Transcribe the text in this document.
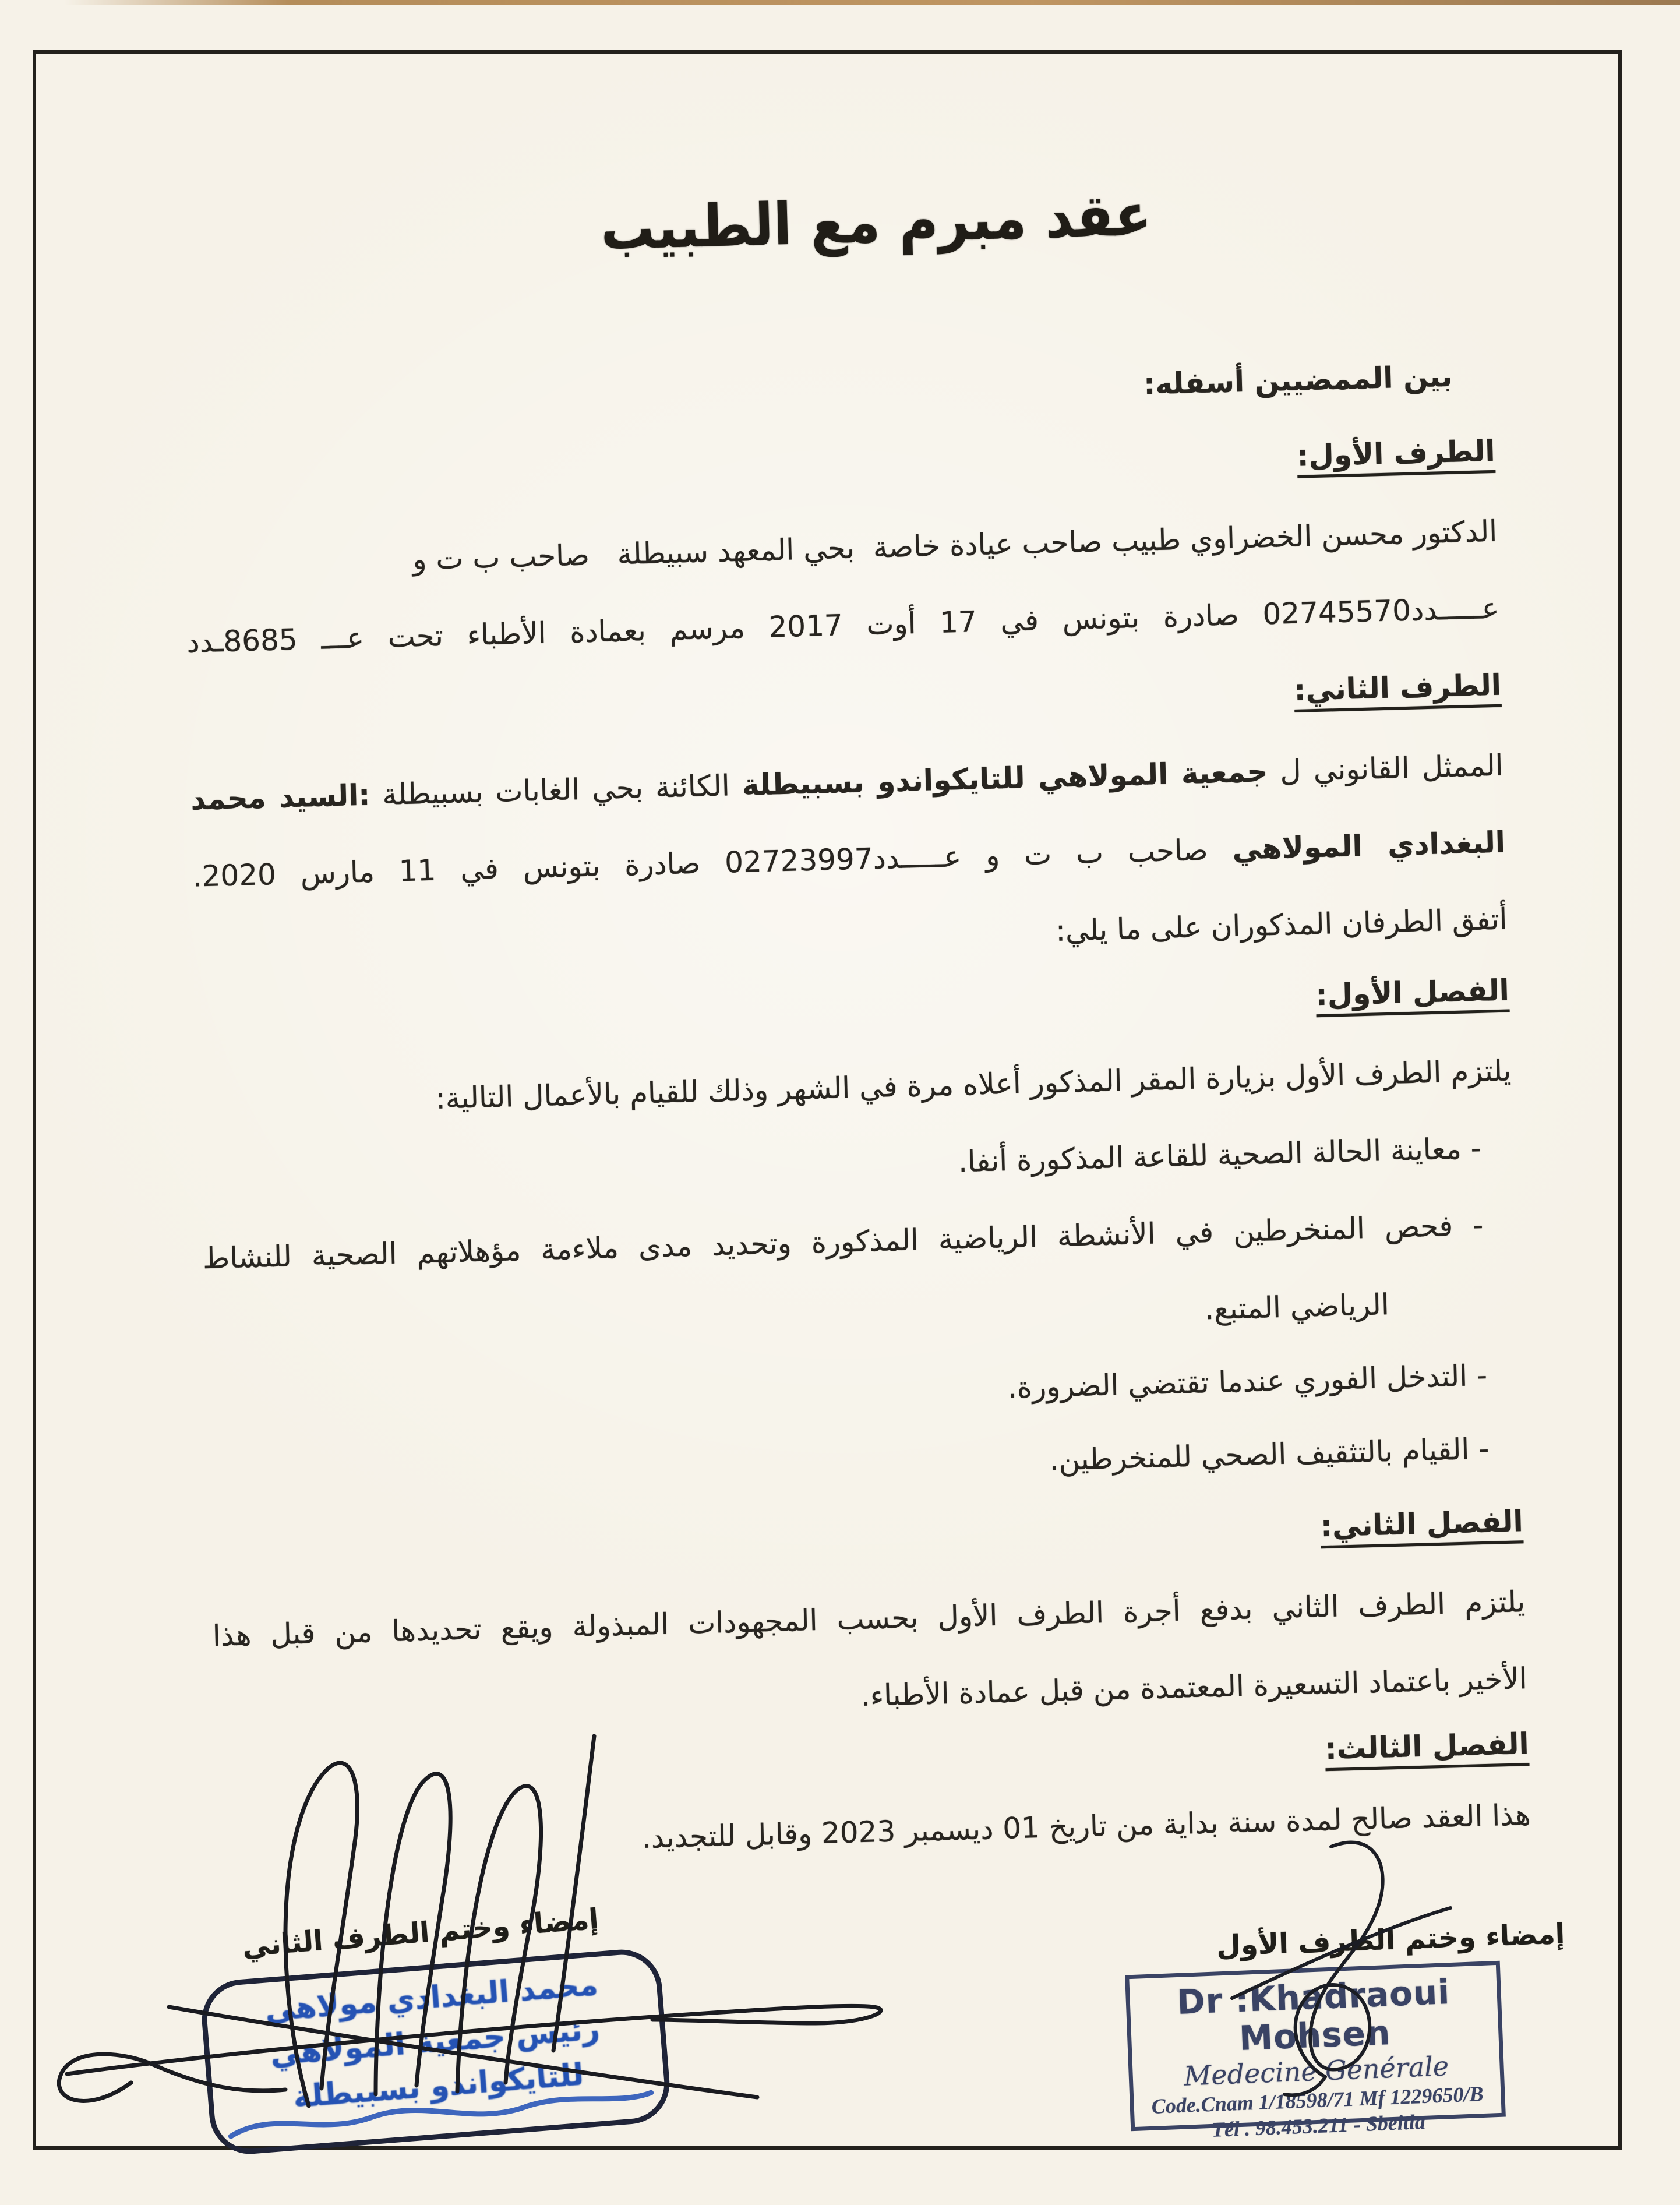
عقد مبرم مع الطبيب

بين الممضيين أسفله:

الطرف الأول:

الدكتور محسن الخضراوي طبيب صاحب عيادة خاصة  بحي المعهد سبيطلة   صاحب ب ت و

عـــــدد02745570 صادرة بتونس في 17 أوت 2017 مرسم بعمادة الأطباء تحت عـــ 8685ـدد

الطرف الثاني:

الممثل القانوني ل جمعية المولاهي للتايكواندو بسبيطلة الكائنة بحي الغابات بسبيطلة :السيد محمد

البغدادي المولاهي صاحب ب ت و عـــــدد02723997 صادرة بتونس في 11 مارس 2020.

أتفق الطرفان المذكوران على ما يلي:

الفصل الأول:

يلتزم الطرف الأول بزيارة المقر المذكور أعلاه مرة في الشهر وذلك للقيام بالأعمال التالية:

- معاينة الحالة الصحية للقاعة المذكورة أنفا.

- فحص المنخرطين في الأنشطة الرياضية المذكورة وتحديد مدى ملاءمة مؤهلاتهم الصحية للنشاط

الرياضي المتبع.

- التدخل الفوري عندما تقتضي الضرورة.

- القيام بالتثقيف الصحي للمنخرطين.

الفصل الثاني:

يلتزم الطرف الثاني بدفع أجرة الطرف الأول بحسب المجهودات المبذولة ويقع تحديدها من قبل هذا

الأخير باعتماد التسعيرة المعتمدة من قبل عمادة الأطباء.

الفصل الثالث:

هذا العقد صالح لمدة سنة بداية من تاريخ 01 ديسمبر 2023 وقابل للتجديد.

إمضاء وختم الطرف الثاني	إمضاء وختم الطرف الأول
محمد البغدادي مولاهي
رئيس جمعية المولاهي
للتايكواندو بسبيطلة
Dr :Khadraoui Mohsen
Medecine Générale
Code.Cnam 1/18598/71 Mf 1229650/B
Tél . 98.453.211 - Sbeitla
